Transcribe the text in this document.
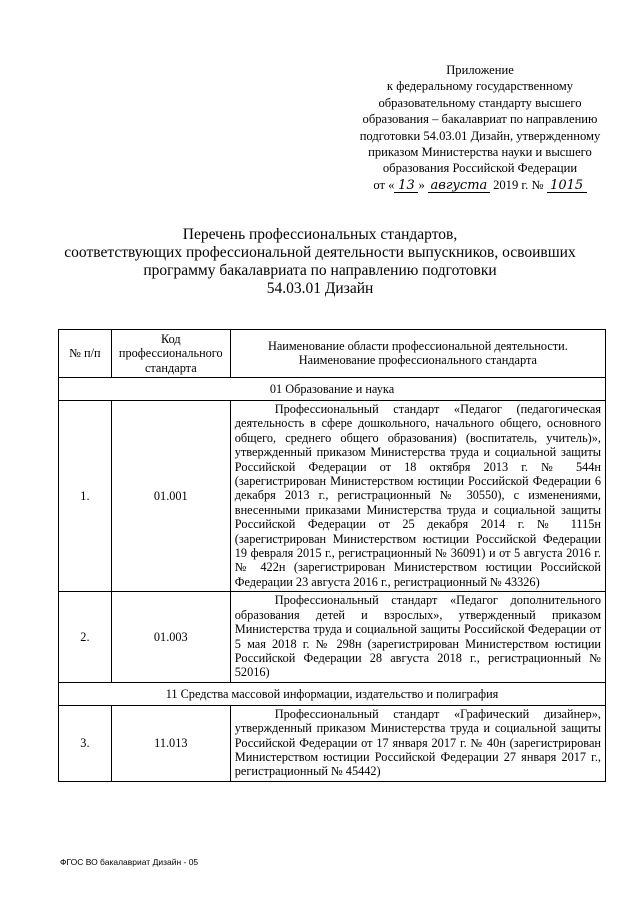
Приложение
к федеральному государственному
образовательному стандарту высшего
образования – бакалавриат по направлению
подготовки 54.03.01 Дизайн, утвержденному
приказом Министерства науки и высшего
образования Российской Федерации
от « 13 » августа 2019 г. № 1015
Перечень профессиональных стандартов,
соответствующих профессиональной деятельности выпускников, освоивших
программу бакалавриата по направлению подготовки
54.03.01 Дизайн
№ п/п	Код профессионального стандарта	Наименование области профессиональной деятельности.
Наименование профессионального стандарта

01 Образование и наука		
1.	01.001	Профессиональный стандарт «Педагог (педагогическая деятельность в сфере дошкольного, начального общего, основного общего, среднего общего образования) (воспитатель, учитель)», утвержденный приказом Министерства труда и социальной защиты Российской Федерации от 18 октября 2013 г. № 544н (зарегистрирован Министерством юстиции Российской Федерации 6 декабря 2013 г., регистрационный № 30550), с изменениями, внесенными приказами Министерства труда и социальной защиты Российской Федерации от 25 декабря 2014 г. № 1115н (зарегистрирован Министерством юстиции Российской Федерации 19 февраля 2015 г., регистрационный № 36091) и от 5 августа 2016 г. № 422н (зарегистрирован Министерством юстиции Российской Федерации 23 августа 2016 г., регистрационный № 43326)
2.	01.003	Профессиональный стандарт «Педагог дополнительного образования детей и взрослых», утвержденный приказом Министерства труда и социальной защиты Российской Федерации от 5 мая 2018 г. № 298н (зарегистрирован Министерством юстиции Российской Федерации 28 августа 2018 г., регистрационный № 52016)
11 Средства массовой информации, издательство и полиграфия		
3.	11.013	Профессиональный стандарт «Графический дизайнер», утвержденный приказом Министерства труда и социальной защиты Российской Федерации от 17 января 2017 г. № 40н (зарегистрирован Министерством юстиции Российской Федерации 27 января 2017 г., регистрационный № 45442)
ФГОС ВО бакалавриат Дизайн - 05
